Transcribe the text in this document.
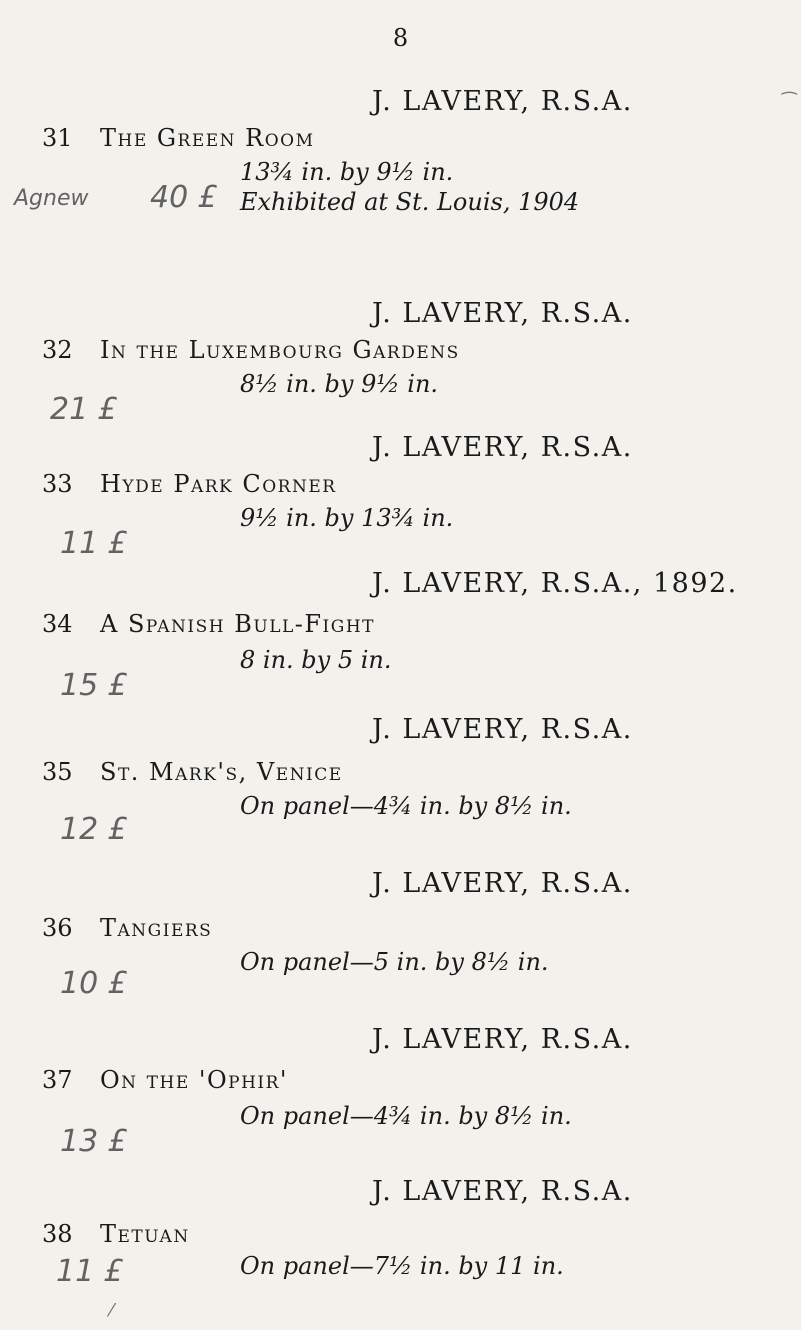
8
J. LAVERY, R.S.A.
31 The Green Room
13¾ in. by 9½ in.
Exhibited at St. Louis, 1904
Agnew 40 £
J. LAVERY, R.S.A.
32 In the Luxembourg Gardens
8½ in. by 9½ in.
21 £
J. LAVERY, R.S.A.
33 Hyde Park Corner
9½ in. by 13¾ in.
11 £
J. LAVERY, R.S.A., 1892.
34 A Spanish Bull-Fight
8 in. by 5 in.
15 £
J. LAVERY, R.S.A.
35 St. Mark's, Venice
On panel—4¾ in. by 8½ in.
12 £
J. LAVERY, R.S.A.
36 Tangiers
On panel—5 in. by 8½ in.
10 £
J. LAVERY, R.S.A.
37 On the 'Ophir'
On panel—4¾ in. by 8½ in.
13 £
J. LAVERY, R.S.A.
38 Tetuan
On panel—7½ in. by 11 in.
11 £
⁀
⁄
